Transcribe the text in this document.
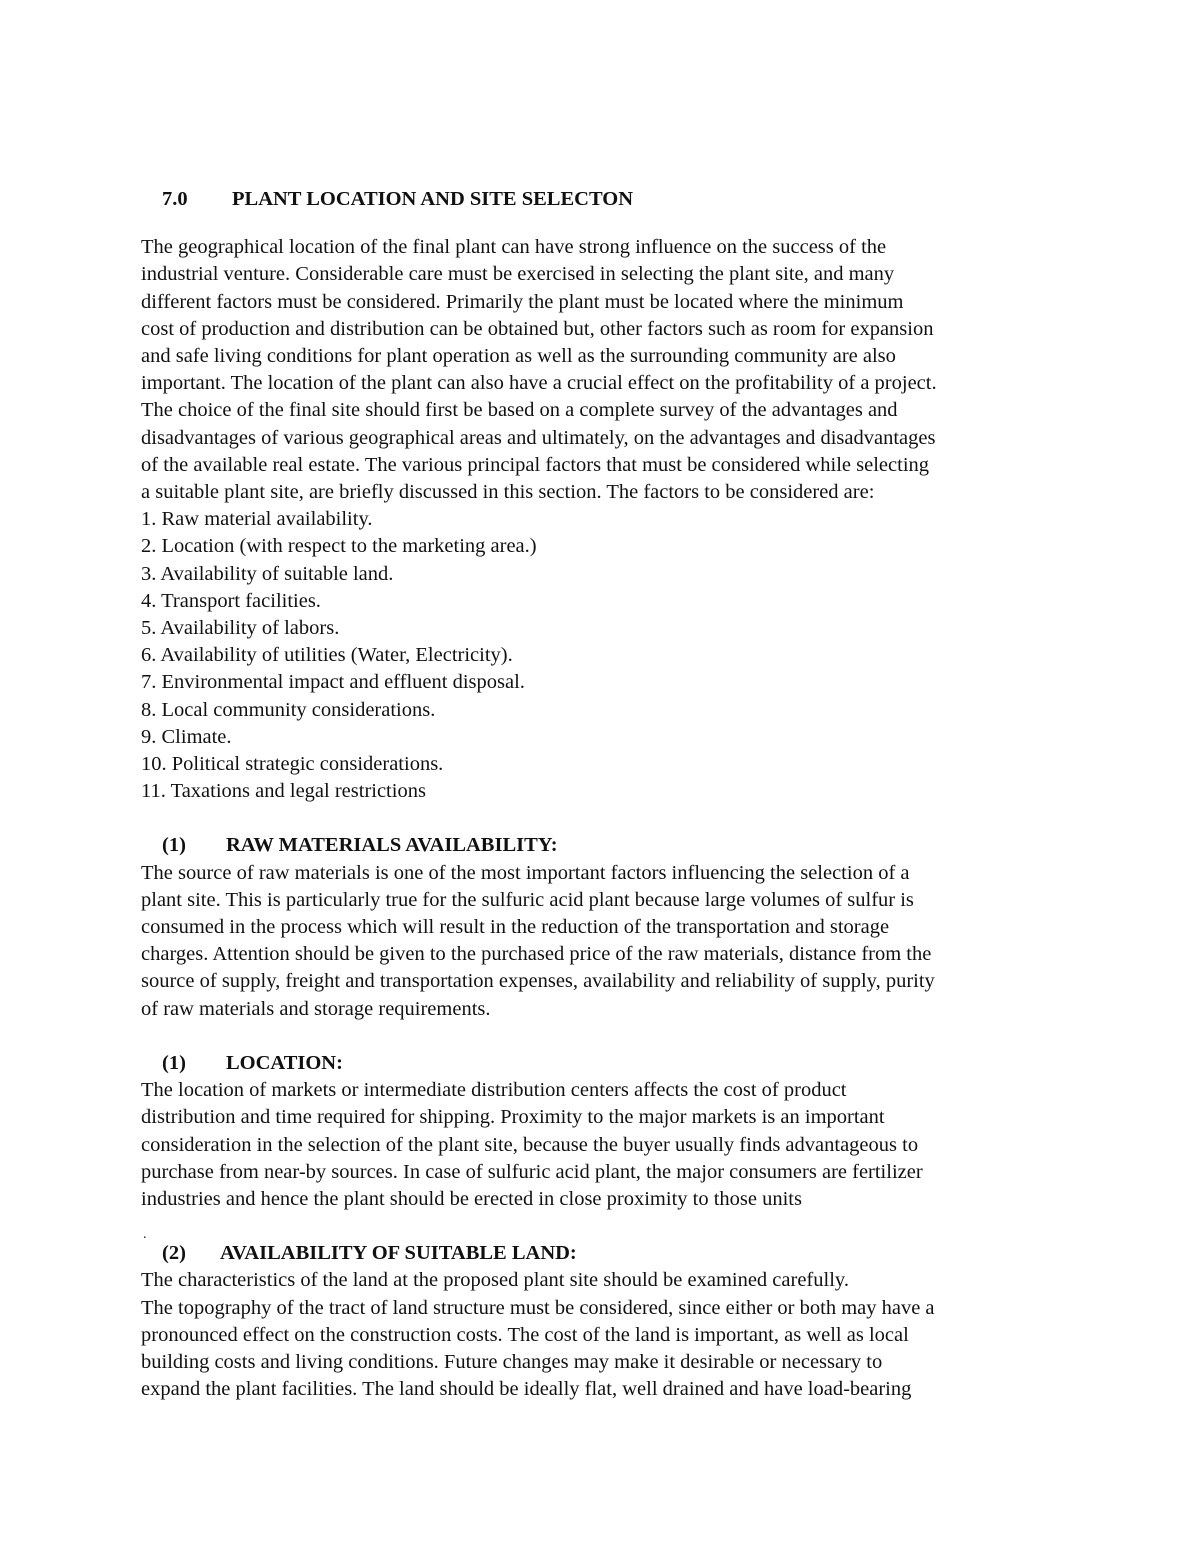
7.0 PLANT LOCATION AND SITE SELECTON
The geographical location of the final plant can have strong influence on the success of the
industrial venture. Considerable care must be exercised in selecting the plant site, and many
different factors must be considered. Primarily the plant must be located where the minimum
cost of production and distribution can be obtained but, other factors such as room for expansion
and safe living conditions for plant operation as well as the surrounding community are also
important. The location of the plant can also have a crucial effect on the profitability of a project.
The choice of the final site should first be based on a complete survey of the advantages and
disadvantages of various geographical areas and ultimately, on the advantages and disadvantages
of the available real estate. The various principal factors that must be considered while selecting
a suitable plant site, are briefly discussed in this section. The factors to be considered are:
1. Raw material availability.
2. Location (with respect to the marketing area.)
3. Availability of suitable land.
4. Transport facilities.
5. Availability of labors.
6. Availability of utilities (Water, Electricity).
7. Environmental impact and effluent disposal.
8. Local community considerations.
9. Climate.
10. Political strategic considerations.
11. Taxations and legal restrictions
(1) RAW MATERIALS AVAILABILITY:
The source of raw materials is one of the most important factors influencing the selection of a
plant site. This is particularly true for the sulfuric acid plant because large volumes of sulfur is
consumed in the process which will result in the reduction of the transportation and storage
charges. Attention should be given to the purchased price of the raw materials, distance from the
source of supply, freight and transportation expenses, availability and reliability of supply, purity
of raw materials and storage requirements.
(1) LOCATION:
The location of markets or intermediate distribution centers affects the cost of product
distribution and time required for shipping. Proximity to the major markets is an important
consideration in the selection of the plant site, because the buyer usually finds advantageous to
purchase from near-by sources. In case of sulfuric acid plant, the major consumers are fertilizer
industries and hence the plant should be erected in close proximity to those units
.
(2) AVAILABILITY OF SUITABLE LAND:
The characteristics of the land at the proposed plant site should be examined carefully.
The topography of the tract of land structure must be considered, since either or both may have a
pronounced effect on the construction costs. The cost of the land is important, as well as local
building costs and living conditions. Future changes may make it desirable or necessary to
expand the plant facilities. The land should be ideally flat, well drained and have load-bearing
